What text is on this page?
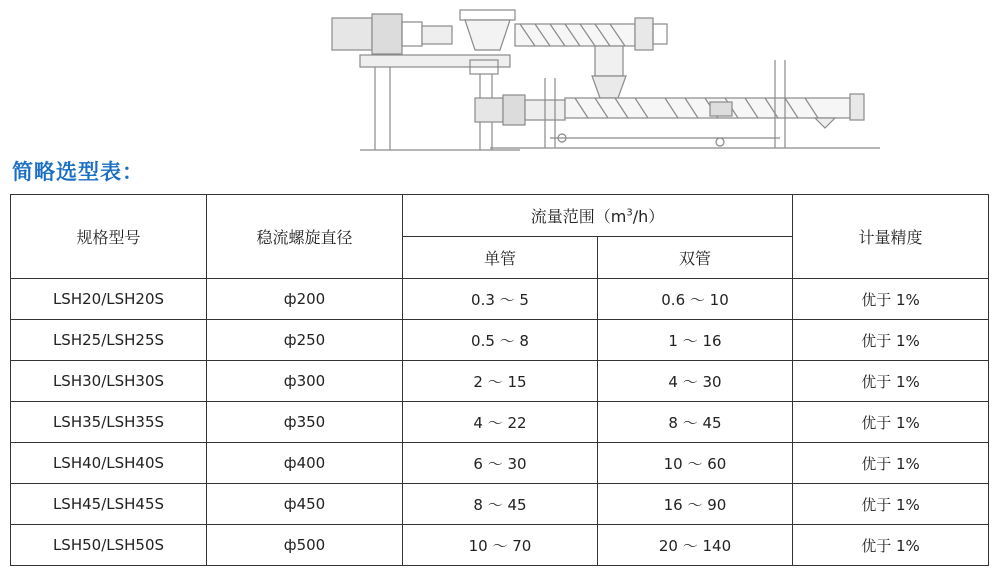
简略选型表：
规格型号	稳流螺旋直径	流量范围$(m^3/h)$		计量精度
		单管	双管	
LSH20/LSH20S	ф200	0.3 ～ 5	0.6 ～ 10	优于 1%
LSH25/LSH25S	ф250	0.5 ～ 8	1 ～ 16	优于 1%
LSH30/LSH30S	ф300	2 ～ 15	4 ～ 30	优于 1%
LSH35/LSH35S	ф350	4 ～ 22	8 ～ 45	优于 1%
LSH40/LSH40S	ф400	6 ～ 30	10 ～ 60	优于 1%
LSH45/LSH45S	ф450	8 ～ 45	16 ～ 90	优于 1%
LSH50/LSH50S	ф500	10 ～ 70	20 ～ 140	优于 1%
